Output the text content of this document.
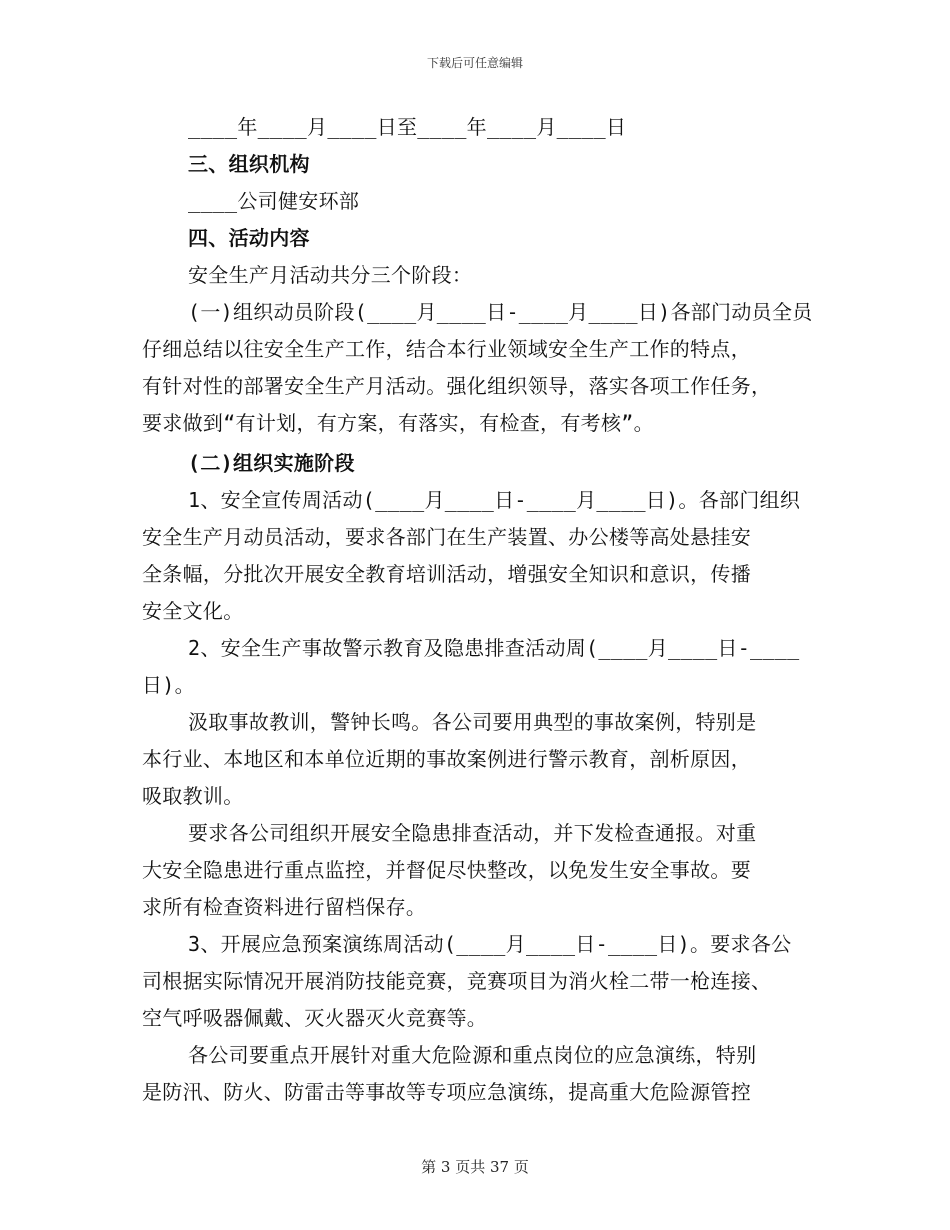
下载后可任意编辑
____年____月____日至____年____月____日
三、组织机构
____公司健安环部
四、活动内容
安全生产月活动共分三个阶段：
(一)组织动员阶段(____月____日-____月____日)各部门动员全员
仔细总结以往安全生产工作，结合本行业领域安全生产工作的特点，
有针对性的部署安全生产月活动。强化组织领导，落实各项工作任务，
要求做到“有计划，有方案，有落实，有检查，有考核”。
(二)组织实施阶段
1、安全宣传周活动(____月____日-____月____日)。各部门组织
安全生产月动员活动，要求各部门在生产装置、办公楼等高处悬挂安
全条幅，分批次开展安全教育培训活动，增强安全知识和意识，传播
安全文化。
2、安全生产事故警示教育及隐患排查活动周(____月____日-____
日)。
汲取事故教训，警钟长鸣。各公司要用典型的事故案例，特别是
本行业、本地区和本单位近期的事故案例进行警示教育，剖析原因，
吸取教训。
要求各公司组织开展安全隐患排查活动，并下发检查通报。对重
大安全隐患进行重点监控，并督促尽快整改，以免发生安全事故。要
求所有检查资料进行留档保存。
3、开展应急预案演练周活动(____月____日-____日)。要求各公
司根据实际情况开展消防技能竞赛，竞赛项目为消火栓二带一枪连接、
空气呼吸器佩戴、灭火器灭火竞赛等。
各公司要重点开展针对重大危险源和重点岗位的应急演练，特别
是防汛、防火、防雷击等事故等专项应急演练，提高重大危险源管控
第 3 页共 37 页
